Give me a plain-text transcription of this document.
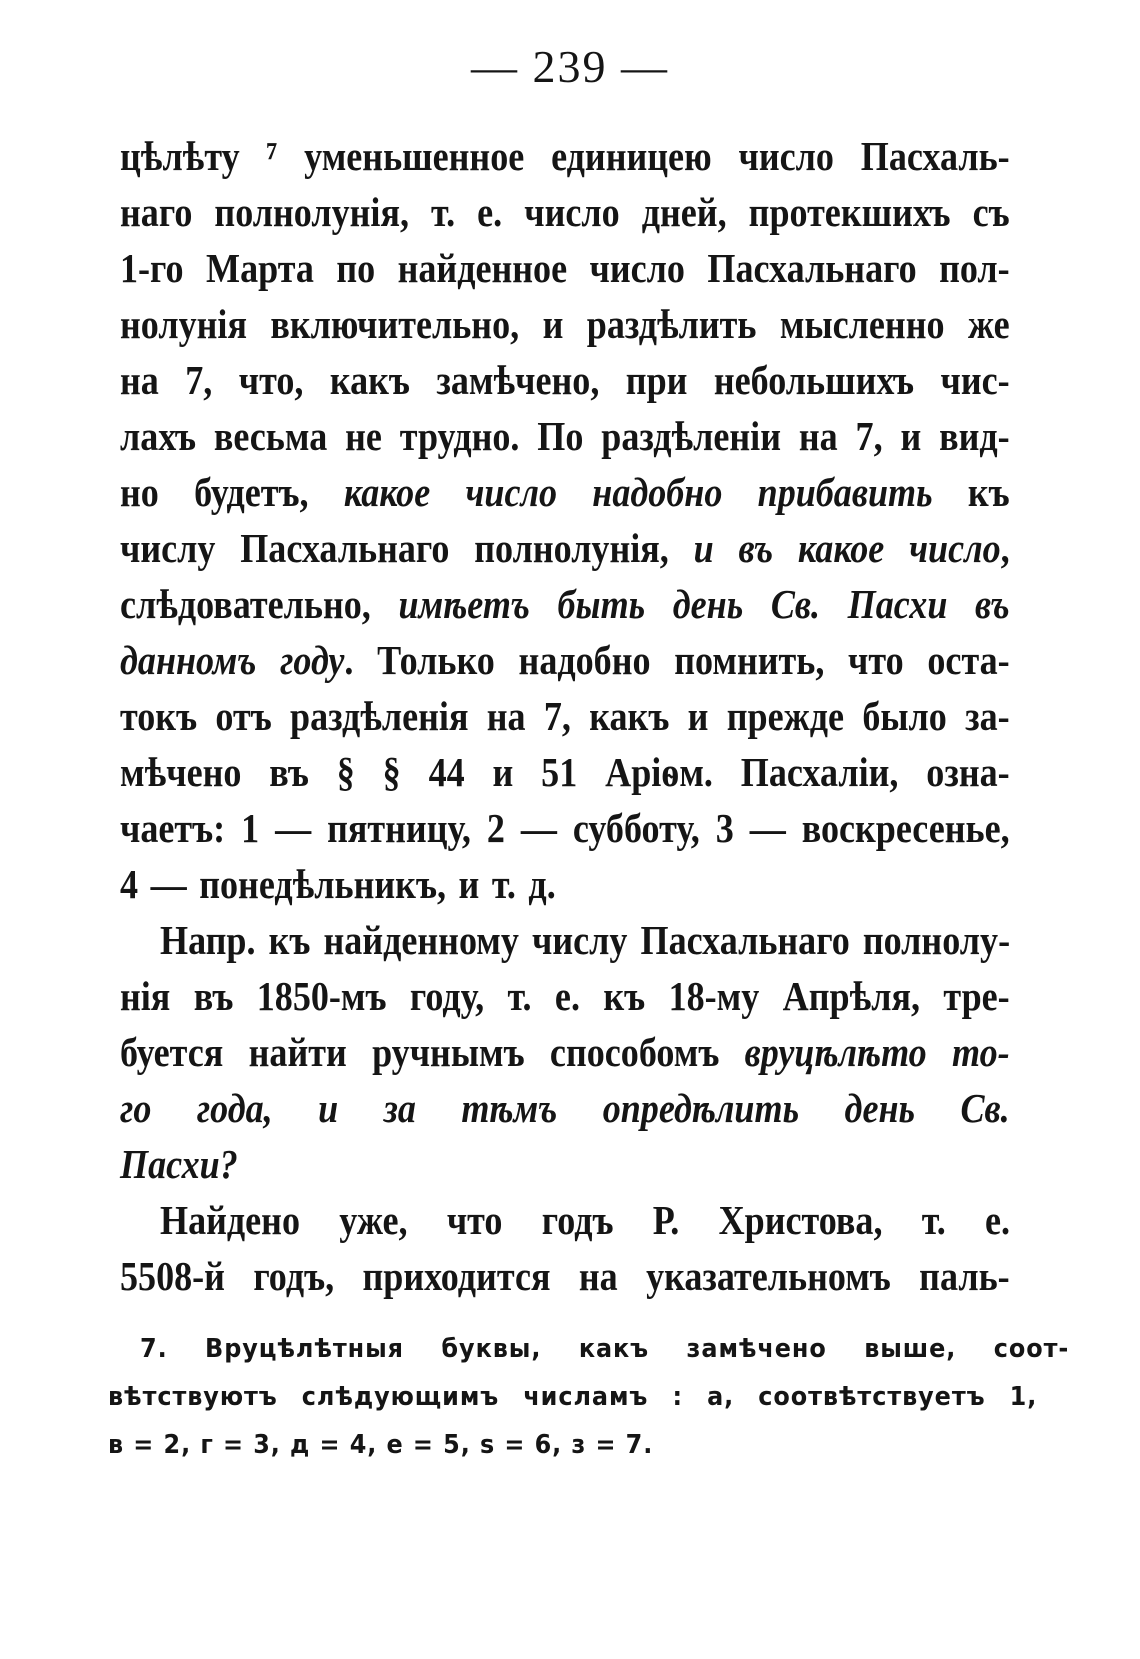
— 239 —
цѣлѣту ⁷ уменьшенное единицею число Пасхаль-
наго полнолунія, т. е. число дней, протекшихъ съ
1-го Марта по найденное число Пасхальнаго пол-
нолунія включительно, и раздѣлить мысленно же
на 7, что, какъ замѣчено, при небольшихъ чис-
лахъ весьма не трудно. По раздѣленіи на 7, и вид-
но будетъ, какое число надобно прибавить къ
числу Пасхальнаго полнолунія, и въ какое число,
слѣдовательно, имѣетъ быть день Св. Пасхи въ
данномъ году. Только надобно помнить, что оста-
токъ отъ раздѣленія на 7, какъ и прежде было за-
мѣчено въ § § 44 и 51 Аріѳм. Пасхаліи, озна-
чаетъ: 1 — пятницу, 2 — субботу, 3 — воскресенье,
4 — понедѣльникъ, и т. д.
Напр. къ найденному числу Пасхальнаго полнолу-
нія въ 1850-мъ году, т. е. къ 18-му Апрѣля, тре-
буется найти ручнымъ способомъ вруцѣлѣто то-
го года, и за тѣмъ опредѣлить день Св.
Пасхи?
Найдено уже, что годъ Р. Христова, т. е.
5508-й годъ, приходится на указательномъ паль-
7. Вруцѣлѣтныя буквы, какъ замѣчено выше, соот-
вѣтствуютъ слѣдующимъ числамъ : а, соотвѣтствуетъ 1,
в = 2, г = 3, д = 4, е = 5, ѕ = 6, з = 7.
